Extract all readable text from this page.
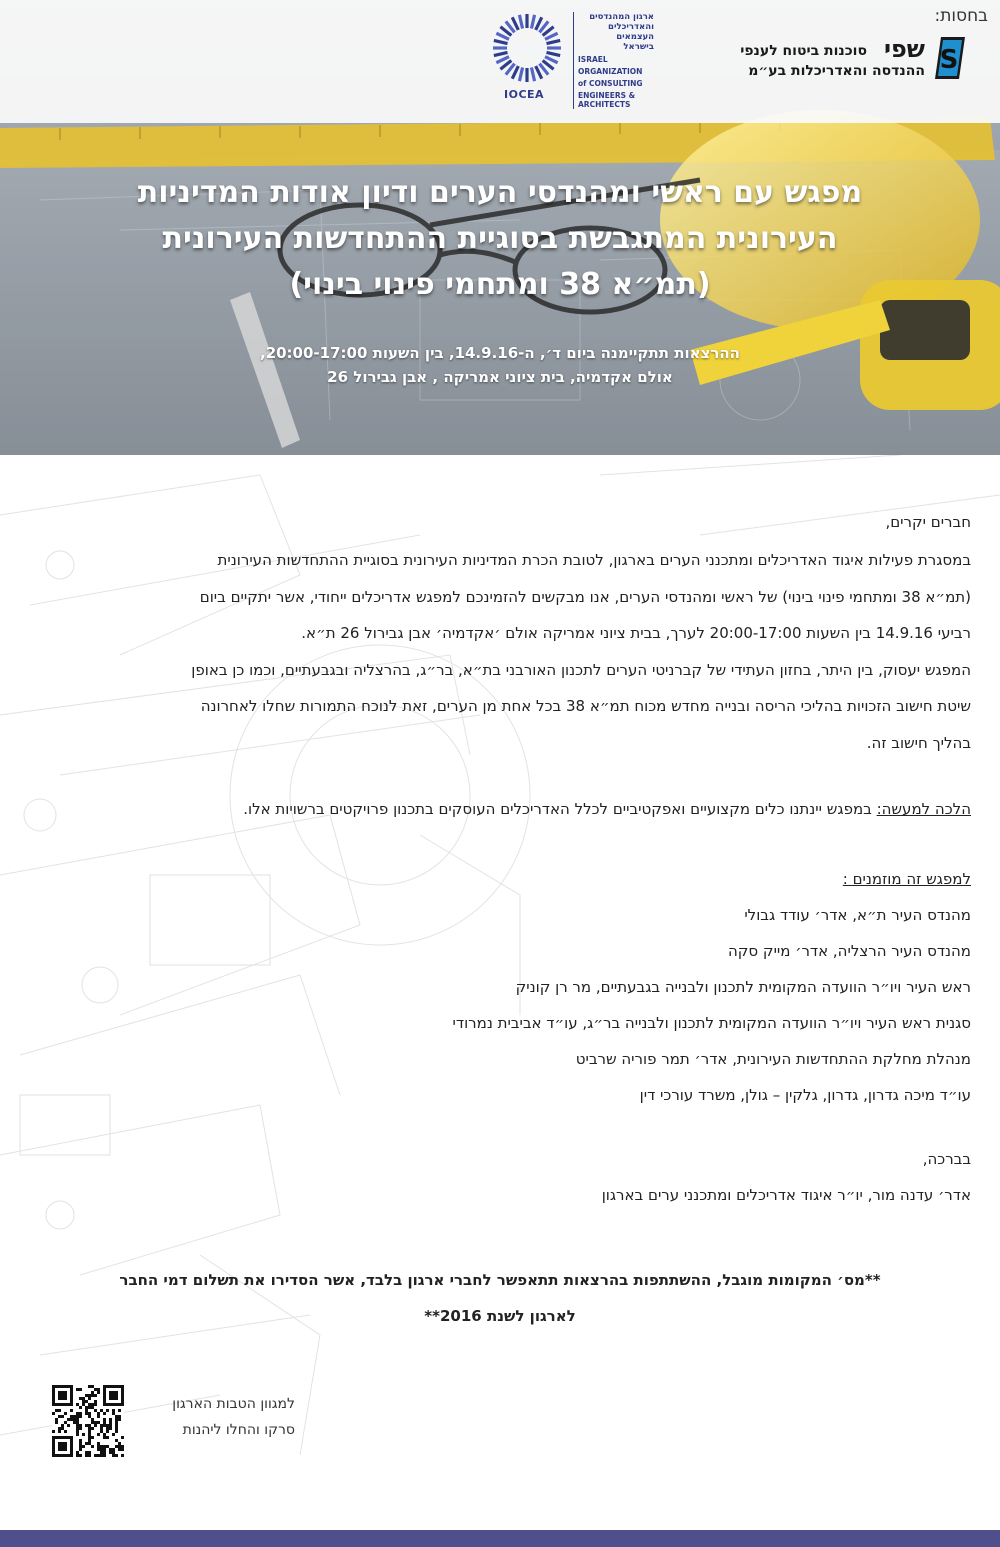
בחסות:
S
שפי
סוכנות ביטוח לענפי
ההנדסה והאדריכלות בע״מ
IOCEA
ארגון המהנדסים
והאדריכלים
העצמאים
בישראל
ISRAEL
ORGANIZATION
of CONSULTING
ENGINEERS & ARCHITECTS
מפגש עם ראשי ומהנדסי הערים ודיון אודות המדיניות
העירונית המתגבשת בסוגיית ההתחדשות העירונית
(תמ״א 38 ומתחמי פינוי בינוי)
ההרצאות תתקיימנה ביום ד׳, ה-14.9.16, בין השעות 20:00-17:00,
אולם אקדמיה, בית ציוני אמריקה , אבן גבירול 26
חברים יקרים,

במסגרת פעילות איגוד האדריכלים ומתכנני הערים בארגון, לטובת הכרת המדיניות העירונית בסוגיית ההתחדשות העירונית

(תמ״א 38 ומתחמי פינוי בינוי) של ראשי ומהנדסי הערים, אנו מבקשים להזמינכם למפגש אדריכלים ייחודי, אשר יתקיים ביום

רביעי 14.9.16 בין השעות 20:00-17:00 לערך, בבית ציוני אמריקה אולם ׳אקדמיה׳ אבן גבירול 26 ת״א.

המפגש יעסוק, בין היתר, בחזון העתידי של קברניטי הערים לתכנון האורבני בת״א, בר״ג, בהרצליה ובגבעתיים, וכמו כן באופן

שיטת חישוב הזכויות בהליכי הריסה ובנייה מחדש מכוח תמ״א 38 בכל אחת מן הערים, זאת לנוכח התמורות שחלו לאחרונה

בהליך חישוב זה.

הלכה למעשה: במפגש יינתנו כלים מקצועיים ואפקטיביים לכלל האדריכלים העוסקים בתכנון פרויקטים ברשויות אלו.
למפגש זה מוזמנים :
מהנדס העיר ת״א, אדר׳ עודד גבולי
מהנדס העיר הרצליה, אדר׳ מייק סקה
ראש העיר ויו״ר הוועדה המקומית לתכנון ולבנייה בגבעתיים, מר רן קוניק
סגנית ראש העיר ויו״ר הוועדה המקומית לתכנון ולבנייה בר״ג, עו״ד אביבית נמרודי
מנהלת מחלקת ההתחדשות העירונית, אדר׳ תמר פוריה שרביט
עו״ד מיכה גדרון, גדרון, גלקין – גולן, משרד עורכי דין
בברכה,
אדר׳ עדנה מור, יו״ר איגוד אדריכלים ומתכנני ערים בארגון
**מס׳ המקומות מוגבל, ההשתתפות בהרצאות תתאפשר לחברי ארגון בלבד, אשר הסדירו את תשלום דמי החבר
לארגון לשנת 2016**
למגוון הטבות הארגון
סרקו והחלו ליהנות
